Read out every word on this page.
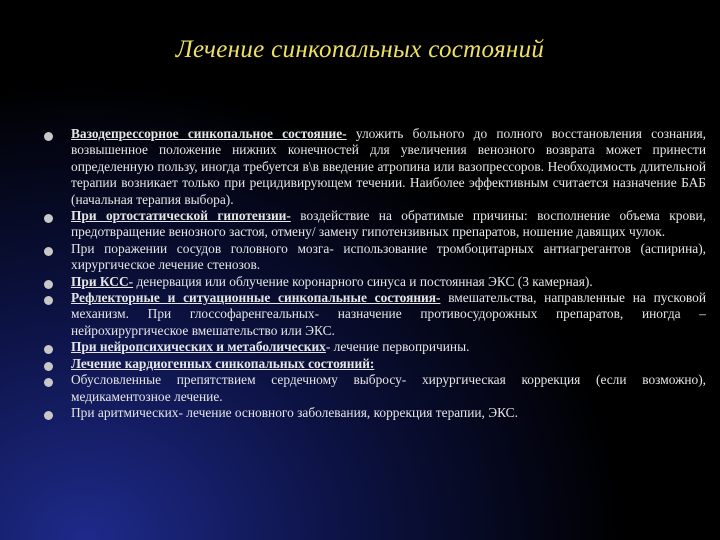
Лечение синкопальных состояний
Вазодепрессорное синкопальное состояние- уложить больного до полного восстановления сознания, возвышенное положение нижних конечностей для увеличения венозного возврата может принести определенную пользу, иногда требуется в\в введение атропина или вазопрессоров. Необходимость длительной терапии возникает только при рецидивирующем течении. Наиболее эффективным считается назначение БАБ (начальная терапия выбора).
При ортостатической гипотензии- воздействие на обратимые причины: восполнение объема крови, предотвращение венозного застоя, отмену/ замену гипотензивных препаратов, ношение давящих чулок.
При поражении сосудов головного мозга- использование тромбоцитарных антиагрегантов (аспирина), хирургическое лечение стенозов.
При КСС- денервация или облучение коронарного синуса и постоянная ЭКС (3 камерная).
Рефлекторные и ситуационные синкопальные состояния- вмешательства, направленные на пусковой механизм. При глоссофаренгеальных- назначение противосудорожных препаратов, иногда – нейрохирургическое вмешательство или ЭКС.
При нейропсихических и метаболических- лечение первопричины.
Лечение кардиогенных синкопальных состояний:
Обусловленные препятствием сердечному выбросу- хирургическая коррекция (если возможно), медикаментозное лечение.
При аритмических- лечение основного заболевания, коррекция терапии, ЭКС.
